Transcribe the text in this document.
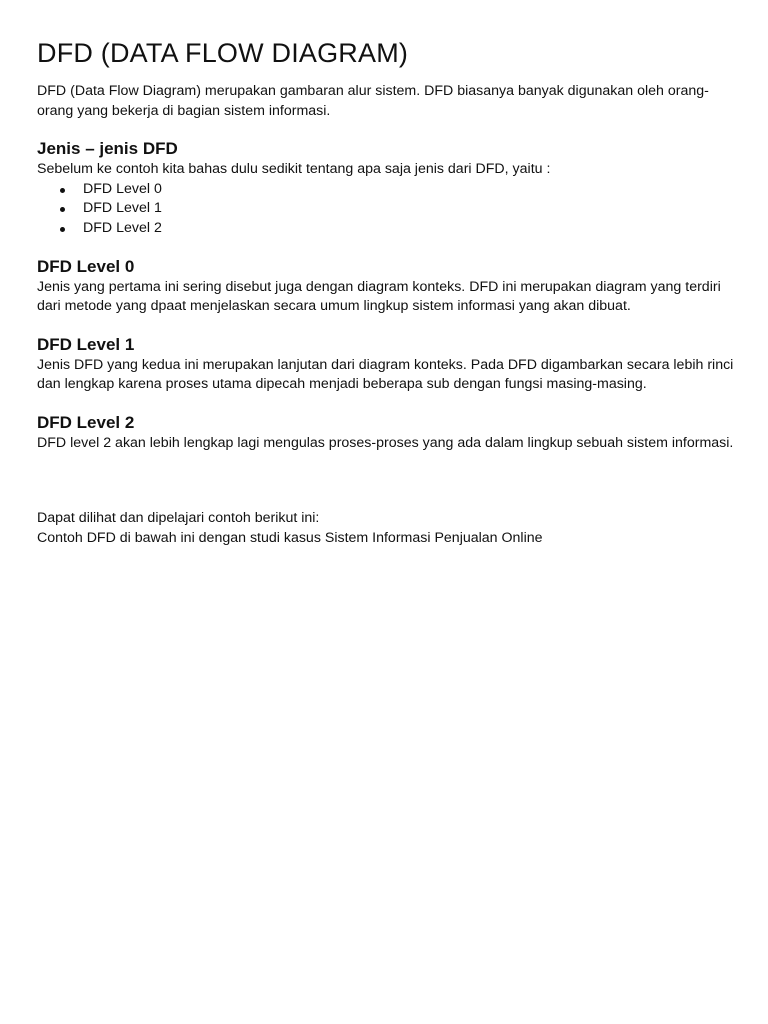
DFD (DATA FLOW DIAGRAM)

DFD (Data Flow Diagram) merupakan gambaran alur sistem. DFD biasanya banyak digunakan oleh orang-orang yang bekerja di bagian sistem informasi.

Jenis – jenis DFD

Sebelum ke contoh kita bahas dulu sedikit tentang apa saja jenis dari DFD, yaitu :

DFD Level 0
DFD Level 1
DFD Level 2
DFD Level 0

Jenis yang pertama ini sering disebut juga dengan diagram konteks. DFD ini merupakan diagram yang terdiri dari metode yang dpaat menjelaskan secara umum lingkup sistem informasi yang akan dibuat.

DFD Level 1

Jenis DFD yang kedua ini merupakan lanjutan dari diagram konteks. Pada DFD digambarkan secara lebih rinci dan lengkap karena proses utama dipecah menjadi beberapa sub dengan fungsi masing-masing.

DFD Level 2

DFD level 2 akan lebih lengkap lagi mengulas proses-proses yang ada dalam lingkup sebuah sistem informasi.

Dapat dilihat dan dipelajari contoh berikut ini:

Contoh DFD di bawah ini dengan studi kasus Sistem Informasi Penjualan Online
